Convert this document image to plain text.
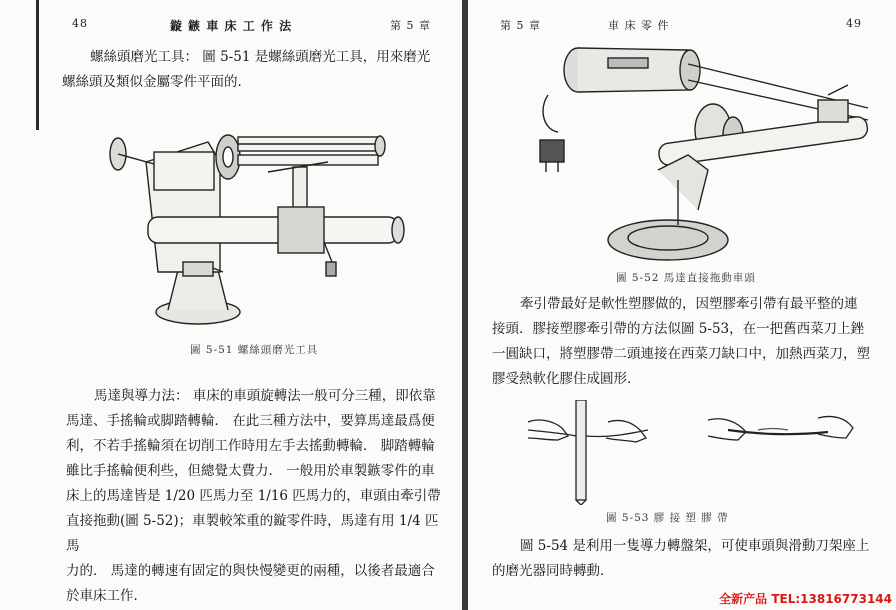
48	鏇 鏃 車 床 工 作 法	第 5 章
螺絲頭磨光工具： 圖 5-51 是螺絲頭磨光工具，用來磨光
螺絲頭及類似金屬零件平面的．
圖 5-51 螺絲頭磨光工具
馬達與導力法： 車床的車頭旋轉法一般可分三種，即依靠
馬達、手搖輪或脚踏轉輪． 在此三種方法中，要算馬達最爲便
利，不若手搖輪須在切削工作時用左手去搖動轉輪． 脚踏轉輪
雖比手搖輪便利些，但總覺太費力． 一般用於車製鏃零件的車
床上的馬達皆是 1/20 匹馬力至 1/16 匹馬力的，車頭由牽引帶
直接拖動(圖 5-52)；車製較笨重的鏇零件時，馬達有用 1/4 匹馬
力的． 馬達的轉速有固定的與快慢變更的兩種，以後者最適合
於車床工作．
第 5 章	車 床 零 件	49
圖 5-52 馬達直接拖動車頭
牽引帶最好是軟性塑膠做的，因塑膠牽引帶有最平整的連
接頭．膠接塑膠牽引帶的方法似圖 5-53，在一把舊西菜刀上銼
一圓缺口，將塑膠帶二頭連接在西菜刀缺口中，加熱西菜刀，塑
膠受熱軟化膠住成圓形．
圖 5-53 膠 接 塑 膠 帶
圖 5-54 是利用一隻導力轉盤架，可使車頭與滑動刀架座上
的磨光器同時轉動．
全新产品 TEL:13816773144
